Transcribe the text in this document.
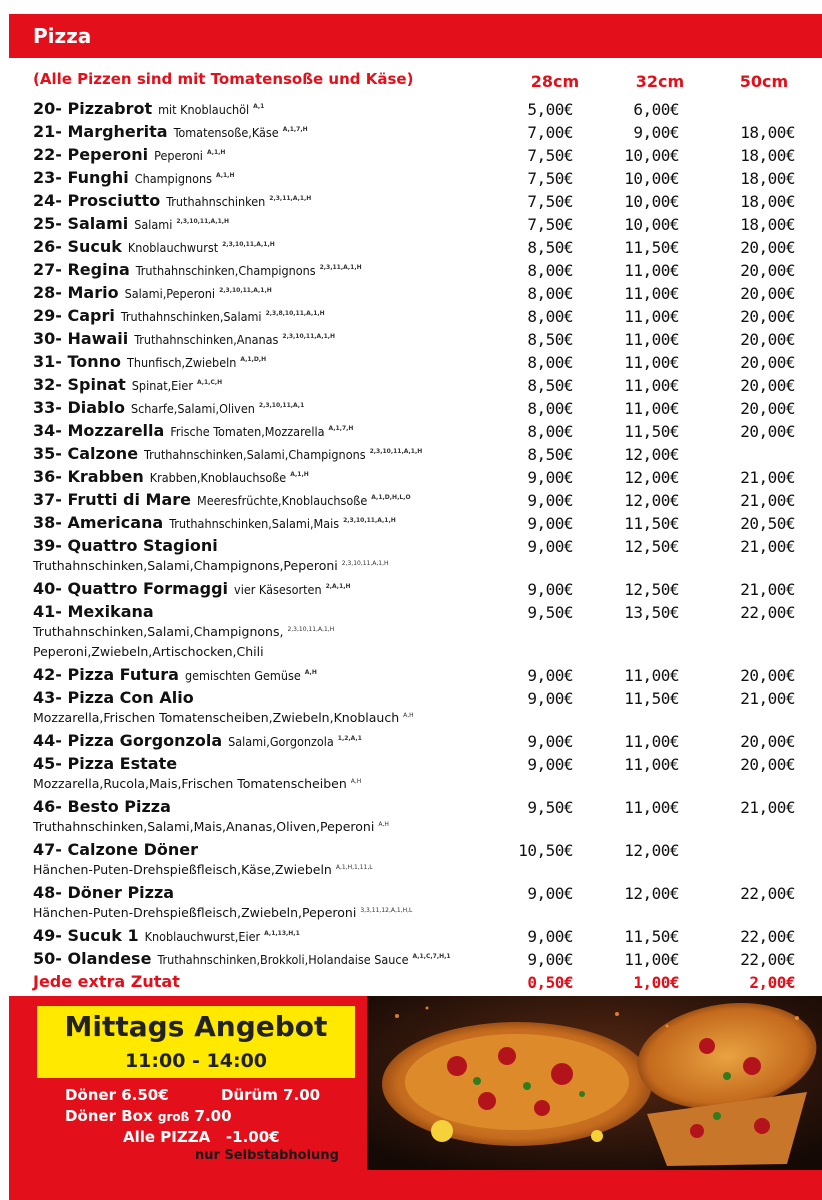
Pizza
(Alle Pizzen sind mit Tomatensoße und Käse)	28cm	32cm	50cm
20- Pizzabrot mit Knoblauchöl $^{A,1}$	5,00€	6,00€
21- Margherita Tomatensoße,Käse $^{A,1,7,H}$	7,00€	9,00€	18,00€
22- Peperoni Peperoni $^{A,1,H}$	7,50€	10,00€	18,00€
23- Funghi Champignons $^{A,1,H}$	7,50€	10,00€	18,00€
24- Prosciutto Truthahnschinken $^{2,3,11,A,1,H}$	7,50€	10,00€	18,00€
25- Salami Salami $^{2,3,10,11,A,1,H}$	7,50€	10,00€	18,00€
26- Sucuk Knoblauchwurst $^{2,3,10,11,A,1,H}$	8,50€	11,50€	20,00€
27- Regina Truthahnschinken,Champignons $^{2,3,11,A,1,H}$	8,00€	11,00€	20,00€
28- Mario Salami,Peperoni $^{2,3,10,11,A,1,H}$	8,00€	11,00€	20,00€
29- Capri Truthahnschinken,Salami $^{2,3,8,10,11,A,1,H}$	8,00€	11,00€	20,00€
30- Hawaii Truthahnschinken,Ananas $^{2,3,10,11,A,1,H}$	8,50€	11,00€	20,00€
31- Tonno Thunfisch,Zwiebeln $^{A,1,D,H}$	8,00€	11,00€	20,00€
32- Spinat Spinat,Eier $^{A,1,C,H}$	8,50€	11,00€	20,00€
33- Diablo Scharfe,Salami,Oliven $^{2,3,10,11,A,1}$	8,00€	11,00€	20,00€
34- Mozzarella Frische Tomaten,Mozzarella $^{A,1,7,H}$	8,00€	11,50€	20,00€
35- Calzone Truthahnschinken,Salami,Champignons $^{2,3,10,11,A,1,H}$	8,50€	12,00€
36- Krabben Krabben,Knoblauchsoße $^{A,1,H}$	9,00€	12,00€	21,00€
37- Frutti di Mare Meeresfrüchte,Knoblauchsoße $^{A,1,D,H,L,O}$	9,00€	12,00€	21,00€
38- Americana Truthahnschinken,Salami,Mais $^{2,3,10,11,A,1,H}$	9,00€	11,50€	20,50€
39- Quattro Stagioni	9,00€	12,50€	21,00€
Truthahnschinken,Salami,Champignons,Peperoni $^{2,3,10,11,A,1,H}$
40- Quattro Formaggi vier Käsesorten $^{2,A,1,H}$	9,00€	12,50€	21,00€
41- Mexikana	9,50€	13,50€	22,00€
Truthahnschinken,Salami,Champignons, $^{2,3,10,11,A,1,H}$
Peperoni,Zwiebeln,Artischocken,Chili
42- Pizza Futura gemischten Gemüse $^{A,H}$	9,00€	11,00€	20,00€
43- Pizza Con Alio	9,00€	11,50€	21,00€
Mozzarella,Frischen Tomatenscheiben,Zwiebeln,Knoblauch $^{A,H}$
44- Pizza Gorgonzola Salami,Gorgonzola $^{1,2,A,1}$	9,00€	11,00€	20,00€
45- Pizza Estate	9,00€	11,00€	20,00€
Mozzarella,Rucola,Mais,Frischen Tomatenscheiben $^{A,H}$
46- Besto Pizza	9,50€	11,00€	21,00€
Truthahnschinken,Salami,Mais,Ananas,Oliven,Peperoni $^{A,H}$
47- Calzone Döner	10,50€	12,00€
Hänchen-Puten-Drehspießfleisch,Käse,Zwiebeln $^{A,1,H,1,11,L}$
48- Döner Pizza	9,00€	12,00€	22,00€
Hänchen-Puten-Drehspießfleisch,Zwiebeln,Peperoni $^{3,3,11,12,A,1,H,L}$
49- Sucuk 1 Knoblauchwurst,Eier $^{A,1,13,H,1}$	9,00€	11,50€	22,00€
50- Olandese Truthahnschinken,Brokkoli,Holandaise Sauce $^{A,1,C,7,H,1}$	9,00€	11,00€	22,00€
Jede extra Zutat	0,50€	1,00€	2,00€
Mittags Angebot
11:00 - 14:00
Döner 6.50€	Dürüm 7.00
Döner Box groß 7.00
Alle PIZZA -1.00€
nur Selbstabholung
